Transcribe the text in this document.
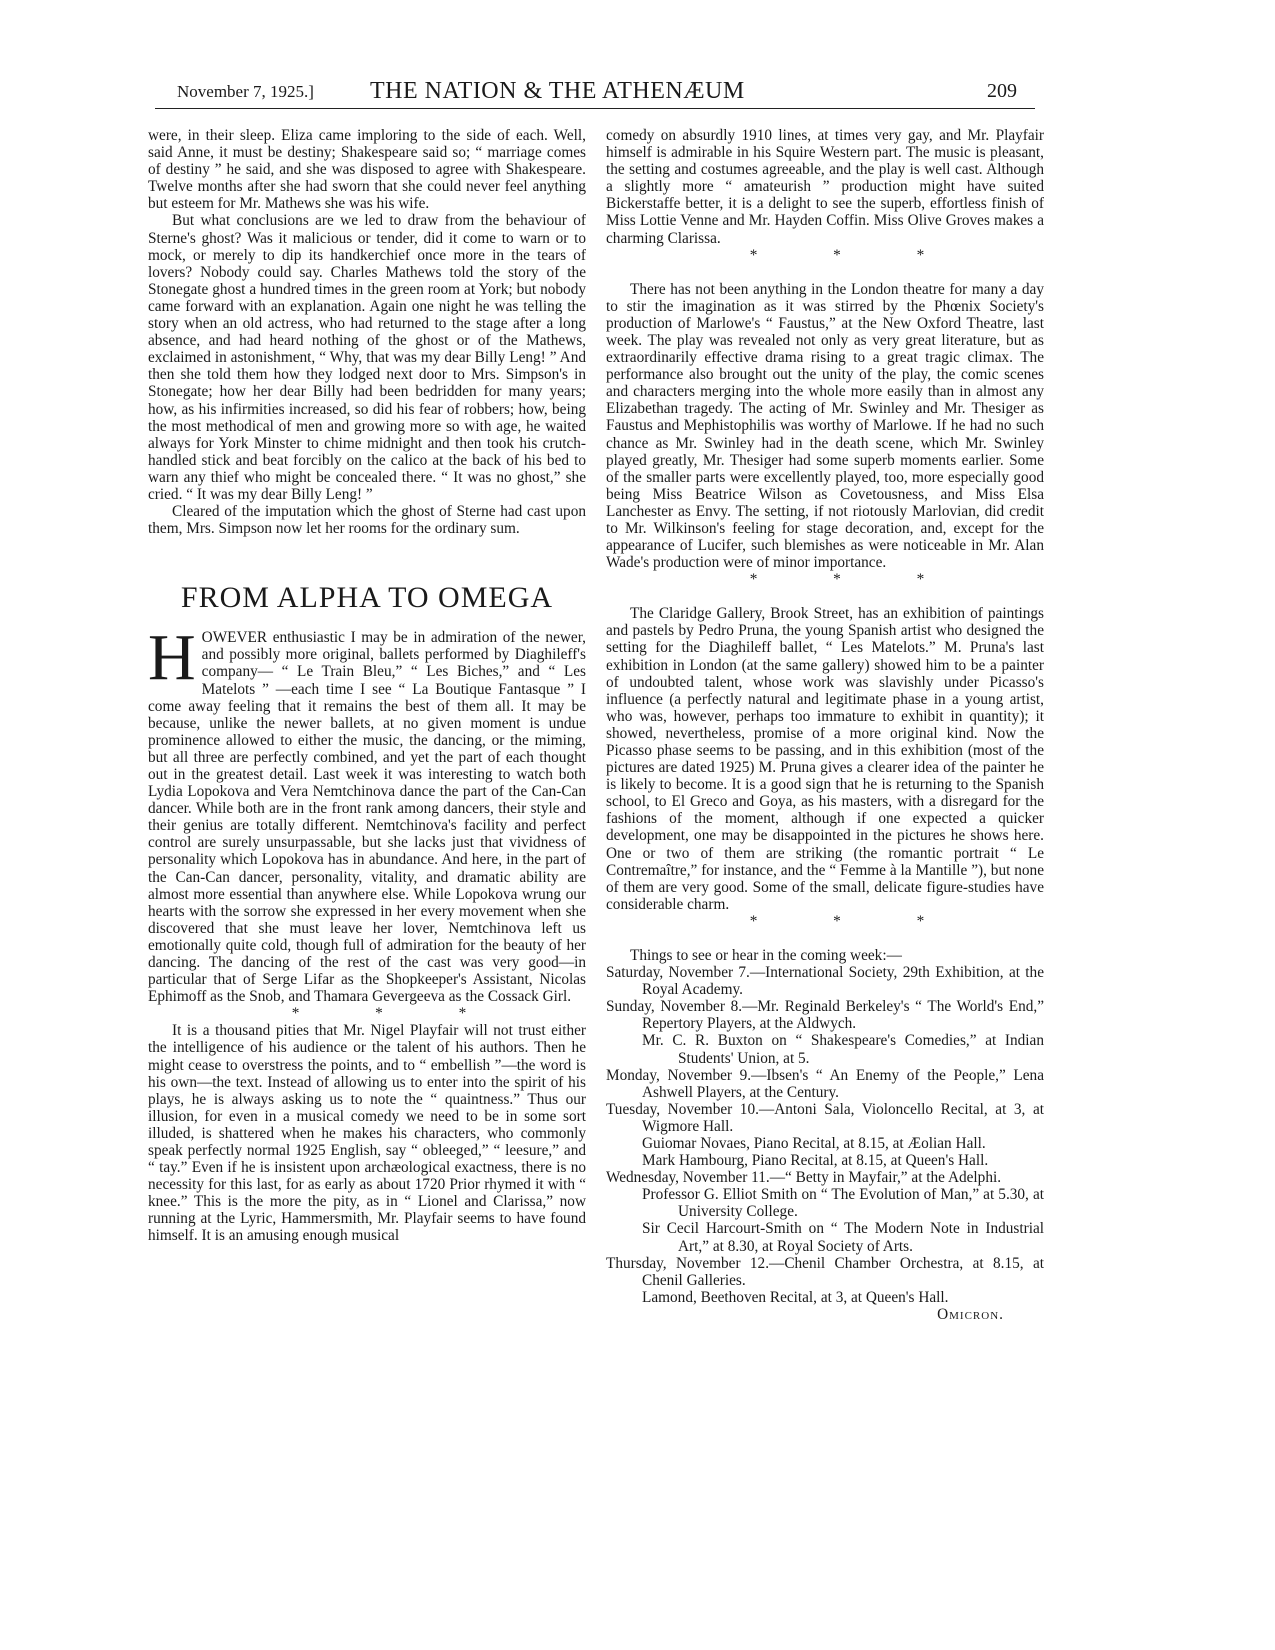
November 7, 1925.] THE NATION & THE ATHENÆUM	209

were, in their sleep. Eliza came imploring to the side of each. Well, said Anne, it must be destiny; Shakespeare said so; “ marriage comes of destiny ” he said, and she was disposed to agree with Shakespeare. Twelve months after she had sworn that she could never feel anything but esteem for Mr. Mathews she was his wife.

But what conclusions are we led to draw from the behaviour of Sterne's ghost? Was it malicious or tender, did it come to warn or to mock, or merely to dip its handkerchief once more in the tears of lovers? Nobody could say. Charles Mathews told the story of the Stonegate ghost a hundred times in the green room at York; but nobody came forward with an explanation. Again one night he was telling the story when an old actress, who had returned to the stage after a long absence, and had heard nothing of the ghost or of the Mathews, exclaimed in astonishment, “ Why, that was my dear Billy Leng! ” And then she told them how they lodged next door to Mrs. Simpson's in Stonegate; how her dear Billy had been bedridden for many years; how, as his infirmities increased, so did his fear of robbers; how, being the most methodical of men and growing more so with age, he waited always for York Minster to chime midnight and then took his crutch-handled stick and beat forcibly on the calico at the back of his bed to warn any thief who might be concealed there. “ It was no ghost,” she cried. “ It was my dear Billy Leng! ”

Cleared of the imputation which the ghost of Sterne had cast upon them, Mrs. Simpson now let her rooms for the ordinary sum.

FROM ALPHA TO OMEGA

HOWEVER enthusiastic I may be in admiration of the newer, and possibly more original, ballets performed by Diaghileff's company— “ Le Train Bleu,” “ Les Biches,” and “ Les Matelots ” —each time I see “ La Boutique Fantasque ” I come away feeling that it remains the best of them all. It may be because, unlike the newer ballets, at no given moment is undue prominence allowed to either the music, the dancing, or the miming, but all three are perfectly combined, and yet the part of each thought out in the greatest detail. Last week it was interesting to watch both Lydia Lopokova and Vera Nemtchinova dance the part of the Can-Can dancer. While both are in the front rank among dancers, their style and their genius are totally different. Nemtchinova's facility and perfect control are surely unsurpassable, but she lacks just that vividness of personality which Lopokova has in abundance. And here, in the part of the Can-Can dancer, personality, vitality, and dramatic ability are almost more essential than anywhere else. While Lopokova wrung our hearts with the sorrow she expressed in her every movement when she discovered that she must leave her lover, Nemtchinova left us emotionally quite cold, though full of admiration for the beauty of her dancing. The dancing of the rest of the cast was very good—in particular that of Serge Lifar as the Shopkeeper's Assistant, Nicolas Ephimoff as the Snob, and Thamara Gevergeeva as the Cossack Girl.

* * *

It is a thousand pities that Mr. Nigel Playfair will not trust either the intelligence of his audience or the talent of his authors. Then he might cease to overstress the points, and to “ embellish ”—the word is his own—the text. Instead of allowing us to enter into the spirit of his plays, he is always asking us to note the “ quaintness.” Thus our illusion, for even in a musical comedy we need to be in some sort illuded, is shattered when he makes his characters, who commonly speak perfectly normal 1925 English, say “ obleeged,” “ leesure,” and “ tay.” Even if he is insistent upon archæological exactness, there is no necessity for this last, for as early as about 1720 Prior rhymed it with “ knee.” This is the more the pity, as in “ Lionel and Clarissa,” now running at the Lyric, Hammersmith, Mr. Playfair seems to have found himself. It is an amusing enough musical

comedy on absurdly 1910 lines, at times very gay, and Mr. Playfair himself is admirable in his Squire Western part. The music is pleasant, the setting and costumes agreeable, and the play is well cast. Although a slightly more “ amateurish ” production might have suited Bickerstaffe better, it is a delight to see the superb, effortless finish of Miss Lottie Venne and Mr. Hayden Coffin. Miss Olive Groves makes a charming Clarissa.

* * *

There has not been anything in the London theatre for many a day to stir the imagination as it was stirred by the Phœnix Society's production of Marlowe's “ Faustus,” at the New Oxford Theatre, last week. The play was revealed not only as very great literature, but as extraordinarily effective drama rising to a great tragic climax. The performance also brought out the unity of the play, the comic scenes and characters merging into the whole more easily than in almost any Elizabethan tragedy. The acting of Mr. Swinley and Mr. Thesiger as Faustus and Mephistophilis was worthy of Marlowe. If he had no such chance as Mr. Swinley had in the death scene, which Mr. Swinley played greatly, Mr. Thesiger had some superb moments earlier. Some of the smaller parts were excellently played, too, more especially good being Miss Beatrice Wilson as Covetousness, and Miss Elsa Lanchester as Envy. The setting, if not riotously Marlovian, did credit to Mr. Wilkinson's feeling for stage decoration, and, except for the appearance of Lucifer, such blemishes as were noticeable in Mr. Alan Wade's production were of minor importance.

* * *

The Claridge Gallery, Brook Street, has an exhibition of paintings and pastels by Pedro Pruna, the young Spanish artist who designed the setting for the Diaghileff ballet, “ Les Matelots.” M. Pruna's last exhibition in London (at the same gallery) showed him to be a painter of undoubted talent, whose work was slavishly under Picasso's influence (a perfectly natural and legitimate phase in a young artist, who was, however, perhaps too immature to exhibit in quantity); it showed, nevertheless, promise of a more original kind. Now the Picasso phase seems to be passing, and in this exhibition (most of the pictures are dated 1925) M. Pruna gives a clearer idea of the painter he is likely to become. It is a good sign that he is returning to the Spanish school, to El Greco and Goya, as his masters, with a disregard for the fashions of the moment, although if one expected a quicker development, one may be disappointed in the pictures he shows here. One or two of them are striking (the romantic portrait “ Le Contremaître,” for instance, and the “ Femme à la Mantille ”), but none of them are very good. Some of the small, delicate figure-studies have considerable charm.

* * *

Things to see or hear in the coming week:—

Saturday, November 7.—International Society, 29th Exhibition, at the Royal Academy.
Sunday, November 8.—Mr. Reginald Berkeley's “ The World's End,” Repertory Players, at the Aldwych.
Mr. C. R. Buxton on “ Shakespeare's Comedies,” at Indian Students' Union, at 5.
Monday, November 9.—Ibsen's “ An Enemy of the People,” Lena Ashwell Players, at the Century.
Tuesday, November 10.—Antoni Sala, Violoncello Recital, at 3, at Wigmore Hall.
Guiomar Novaes, Piano Recital, at 8.15, at Æolian Hall.
Mark Hambourg, Piano Recital, at 8.15, at Queen's Hall.
Wednesday, November 11.—“ Betty in Mayfair,” at the Adelphi.
Professor G. Elliot Smith on “ The Evolution of Man,” at 5.30, at University College.
Sir Cecil Harcourt-Smith on “ The Modern Note in Industrial Art,” at 8.30, at Royal Society of Arts.
Thursday, November 12.—Chenil Chamber Orchestra, at 8.15, at Chenil Galleries.
Lamond, Beethoven Recital, at 3, at Queen's Hall.
Omicron.
